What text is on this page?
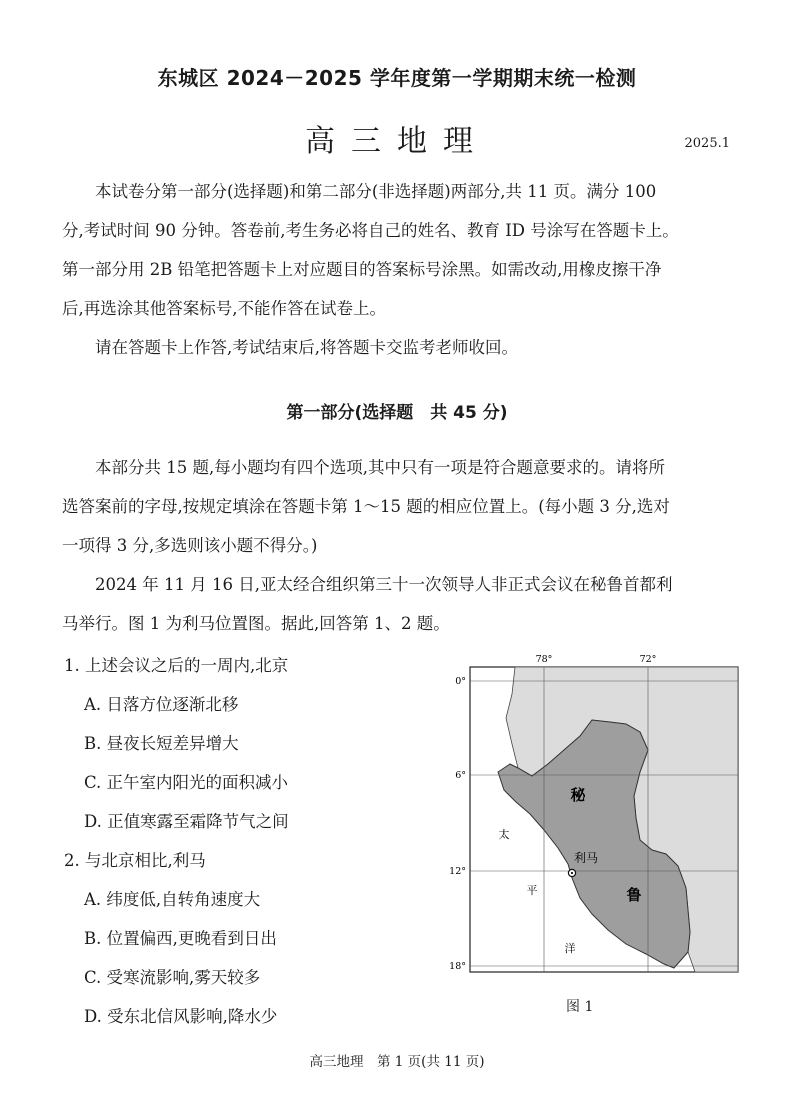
东城区 2024－2025 学年度第一学期期末统一检测
高三地理	2025.1
本试卷分第一部分(选择题)和第二部分(非选择题)两部分,共 11 页。满分 100
分,考试时间 90 分钟。答卷前,考生务必将自己的姓名、教育 ID 号涂写在答题卡上。
第一部分用 2B 铅笔把答题卡上对应题目的答案标号涂黑。如需改动,用橡皮擦干净
后,再选涂其他答案标号,不能作答在试卷上。
请在答题卡上作答,考试结束后,将答题卡交监考老师收回。
第一部分(选择题　共 45 分)
本部分共 15 题,每小题均有四个选项,其中只有一项是符合题意要求的。请将所
选答案前的字母,按规定填涂在答题卡第 1～15 题的相应位置上。(每小题 3 分,选对
一项得 3 分,多选则该小题不得分。)
2024 年 11 月 16 日,亚太经合组织第三十一次领导人非正式会议在秘鲁首都利
马举行。图 1 为利马位置图。据此,回答第 1、2 题。
1. 上述会议之后的一周内,北京
A. 日落方位逐渐北移
B. 昼夜长短差异增大
C. 正午室内阳光的面积减小
D. 正值寒露至霜降节气之间
2. 与北京相比,利马
A. 纬度低,自转角速度大
B. 位置偏西,更晚看到日出
C. 受寒流影响,雾天较多
D. 受东北信风影响,降水少
78°	72°
0°
6°
12°
18°
秘
鲁
太
平
洋
利马
图 1
高三地理　第 1 页(共 11 页)
